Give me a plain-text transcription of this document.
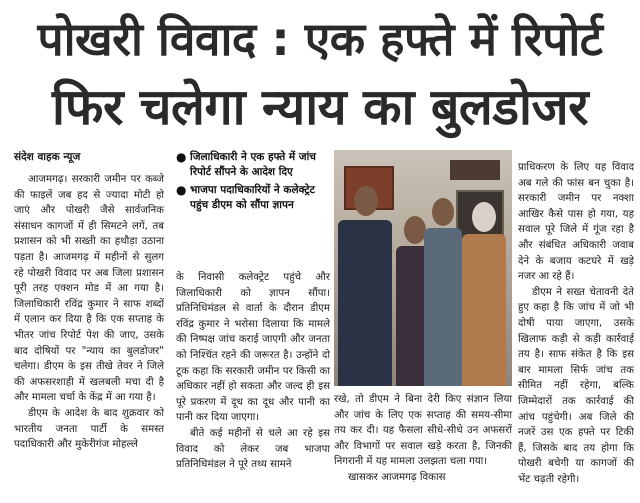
पोखरी विवाद : एक हफ्ते में रिपोर्ट
फिर चलेगा न्याय का बुलडोजर
संदेश वाहक न्यूज

आजमगढ़। सरकारी जमीन पर कब्जे की फाइलें जब हद से ज्यादा मोटी हो जाएं और पोखरी जैसे सार्वजनिक संसाधन कागजों में ही सिमटने लगें, तब प्रशासन को भी सख्ती का हथौड़ा उठाना पड़ता है। आजमगढ़ में महीनों से सुलग रहे पोखरी विवाद पर अब जिला प्रशासन पूरी तरह एक्शन मोड में आ गया है। जिलाधिकारी रविंद्र कुमार ने साफ शब्दों में एलान कर दिया है कि एक सप्ताह के भीतर जांच रिपोर्ट पेश की जाए, उसके बाद दोषियों पर "न्याय का बुलडोजर" चलेगा। डीएम के इस तीखे तेवर ने जिले की अफसरशाही में खलबली मचा दी है और मामला चर्चा के केंद्र में आ गया है।

डीएम के आदेश के बाद शुक्रवार को भारतीय जनता पार्टी के समस्त पदाधिकारी और मुकेरीगंज मोहल्ले

● जिलाधिकारी ने एक हफ्ते में जांच रिपोर्ट सौंपने के आदेश दिए
● भाजपा पदाधिकारियों ने कलेक्ट्रेट पहुंच डीएम को सौंपा ज्ञापन

के निवासी कलेक्ट्रेट पहुंचे और जिलाधिकारी को ज्ञापन सौंपा। प्रतिनिधिमंडल से वार्ता के दौरान डीएम रविंद्र कुमार ने भरोसा दिलाया कि मामले की निष्पक्ष जांच कराई जाएगी और जनता को निश्चिंत रहने की जरूरत है। उन्होंने दो टूक कहा कि सरकारी जमीन पर किसी का अधिकार नहीं हो सकता और जल्द ही इस पूरे प्रकरण में दूध का दूध और पानी का पानी कर दिया जाएगा।

बीते कई महीनों से चले आ रहे इस विवाद को लेकर जब भाजपा प्रतिनिधिमंडल ने पूरे तथ्य सामने

रखे, तो डीएम ने बिना देरी किए संज्ञान लिया और जांच के लिए एक सप्ताह की समय-सीमा तय कर दी। यह फैसला सीधे-सीधे उन अफसरों और विभागों पर सवाल खड़े करता है, जिनकी निगरानी में यह मामला उलझता चला गया।

खासकर आजमगढ़ विकास

प्राधिकरण के लिए यह विवाद अब गले की फांस बन चुका है। सरकारी जमीन पर नक्शा आखिर कैसे पास हो गया, यह सवाल पूरे जिले में गूंज रहा है और संबंधित अधिकारी जवाब देने के बजाय कटघरे में खड़े नजर आ रहे हैं।

डीएम ने सख्त चेतावनी देते हुए कहा है कि जांच में जो भी दोषी पाया जाएगा, उसके खिलाफ कड़ी से कड़ी कार्रवाई तय है। साफ संकेत है कि इस बार मामला सिर्फ जांच तक सीमित नहीं रहेगा, बल्कि जिम्मेदारों तक कार्रवाई की आंच पहुंचेगी। अब जिले की नजरें उस एक हफ्ते पर टिकी हैं, जिसके बाद तय होगा कि पोखरी बचेगी या कागजों की भेंट चढ़ती रहेगी।
